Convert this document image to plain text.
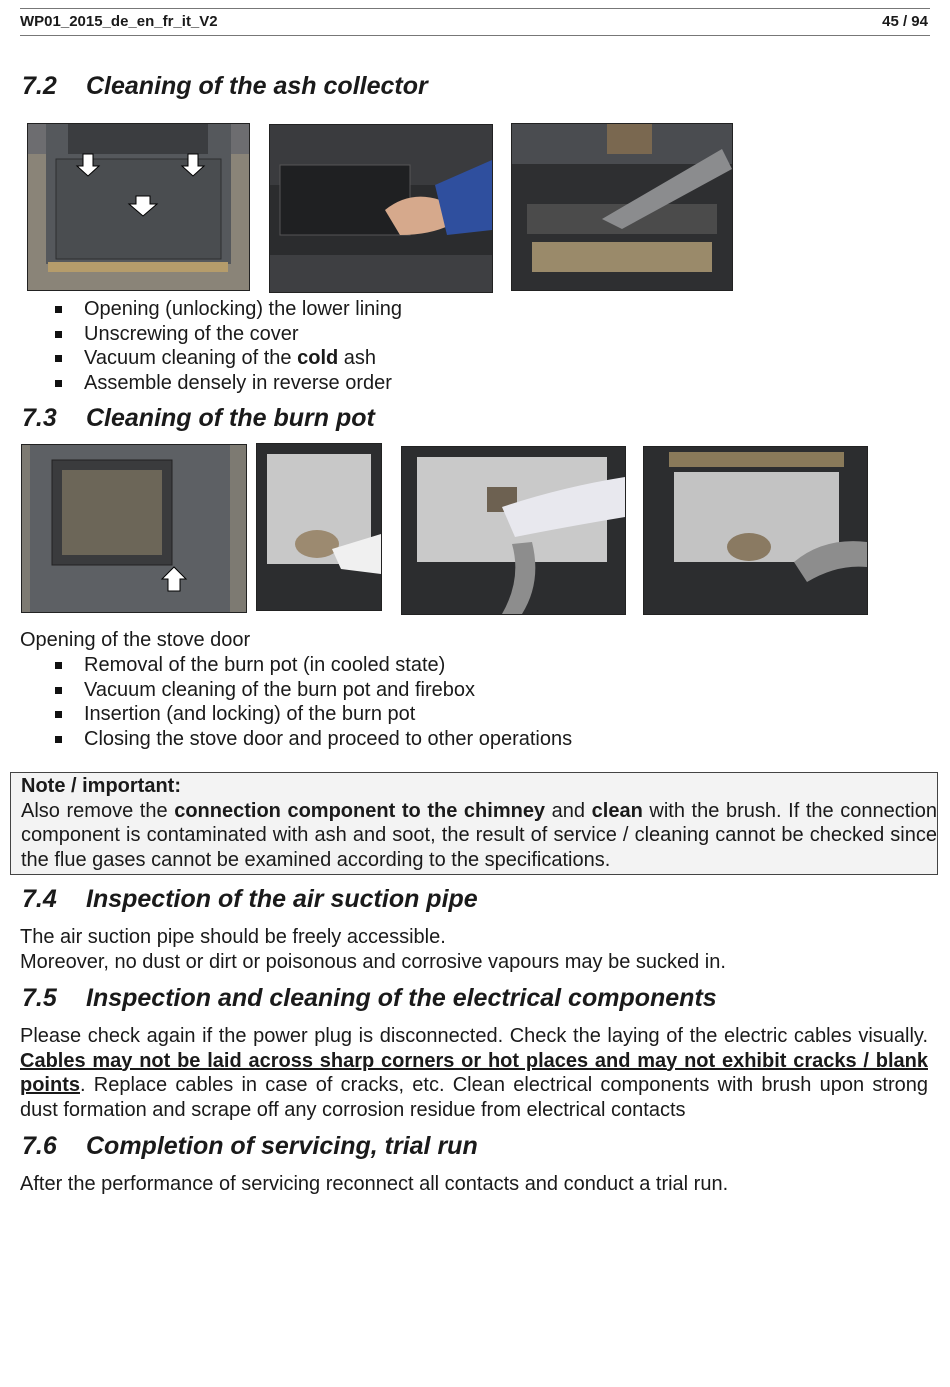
WP01_2015_de_en_fr_it_V2	45 / 94
7.2 Cleaning of the ash collector
Opening (unlocking) the lower lining
Unscrewing of the cover
Vacuum cleaning of the cold ash
Assemble densely in reverse order
7.3 Cleaning of the burn pot

Opening of the stove door

Removal of the burn pot (in cooled state)
Vacuum cleaning of the burn pot and firebox
Insertion (and locking) of the burn pot
Closing the stove door and proceed to other operations
Note / important:
Also remove the connection component to the chimney and clean with the brush. If the connection component is contaminated with ash and soot, the result of service / cleaning cannot be checked since the flue gases cannot be examined according to the specifications.
7.4 Inspection of the air suction pipe

The air suction pipe should be freely accessible.
Moreover, no dust or dirt or poisonous and corrosive vapours may be sucked in.

7.5 Inspection and cleaning of the electrical components

Please check again if the power plug is disconnected. Check the laying of the electric cables visually. Cables may not be laid across sharp corners or hot places and may not exhibit cracks / blank points. Replace cables in case of cracks, etc. Clean electrical components with brush upon strong dust formation and scrape off any corrosion residue from electrical contacts

7.6 Completion of servicing, trial run

After the performance of servicing reconnect all contacts and conduct a trial run.
